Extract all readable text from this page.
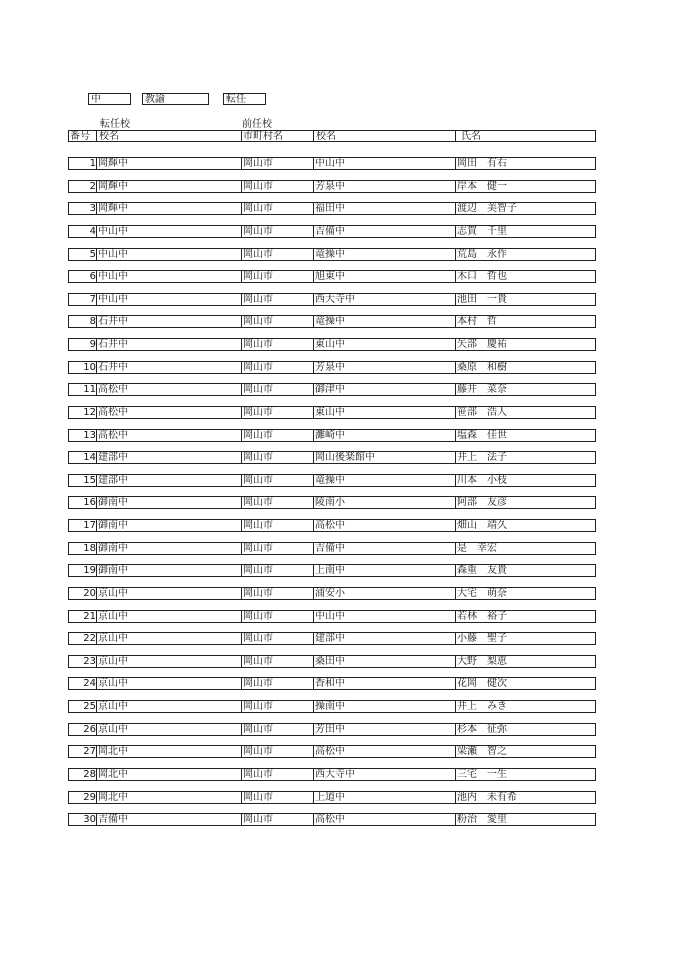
中	教諭	転任
転任校	前任校
番号 校名	市町村名	校名	氏名
1 岡輝中	岡山市	中山中	岡田　有右
2 岡輝中	岡山市	芳泉中	岸本　健一
3 岡輝中	岡山市	福田中	渡辺　美智子
4 中山中	岡山市	吉備中	志賀　千里
5 中山中	岡山市	竜操中	荒島　永作
6 中山中	岡山市	旭東中	木口　哲也
7 中山中	岡山市	西大寺中	池田　一貴
8 石井中	岡山市	竜操中	本村　哲
9 石井中	岡山市	東山中	矢部　慶祐
10 石井中	岡山市	芳泉中	桑原　和樹
11 高松中	岡山市	御津中	藤井　菜奈
12 高松中	岡山市	東山中	笹部　浩人
13 高松中	岡山市	灘崎中	塩森　佳世
14 建部中	岡山市	岡山後楽館中	井上　法子
15 建部中	岡山市	竜操中	川本　小枝
16 御南中	岡山市	陵南小	阿部　友彦
17 御南中	岡山市	高松中	畑山　靖久
18 御南中	岡山市	吉備中	是　幸宏
19 御南中	岡山市	上南中	森重　友貴
20 京山中	岡山市	浦安小	大宅　萌奈
21 京山中	岡山市	中山中	若林　裕子
22 京山中	岡山市	建部中	小藤　聖子
23 京山中	岡山市	桑田中	大野　梨恵
24 京山中	岡山市	香和中	花岡　健次
25 京山中	岡山市	操南中	井上　みき
26 京山中	岡山市	芳田中	杉本　征弥
27 岡北中	岡山市	高松中	梁瀬　智之
28 岡北中	岡山市	西大寺中	三宅　一生
29 岡北中	岡山市	上道中	池内　未有希
30 吉備中	岡山市	高松中	粉治　愛里
